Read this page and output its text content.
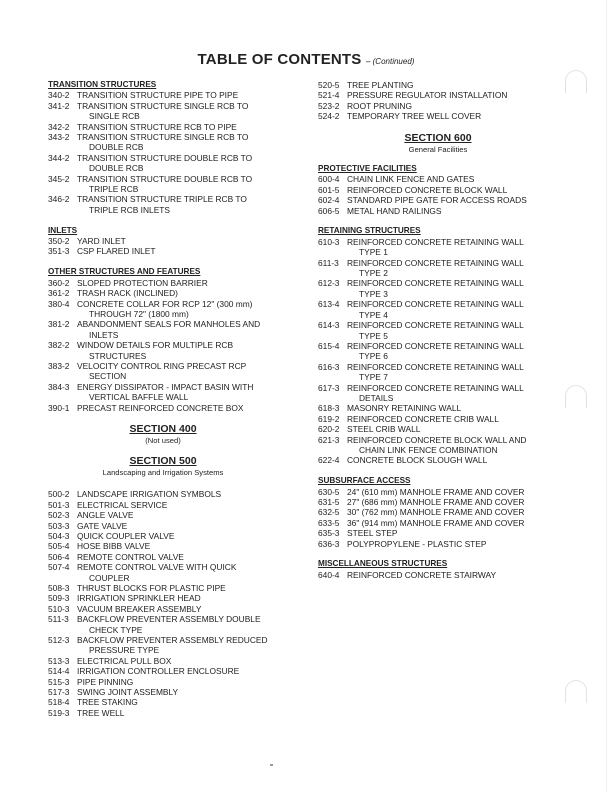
TABLE OF CONTENTS – (Continued)
TRANSITION STRUCTURES
340-2 TRANSITION STRUCTURE PIPE TO PIPE
341-2 TRANSITION STRUCTURE SINGLE RCB TO
SINGLE RCB
342-2 TRANSITION STRUCTURE RCB TO PIPE
343-2 TRANSITION STRUCTURE SINGLE RCB TO
DOUBLE RCB
344-2 TRANSITION STRUCTURE DOUBLE RCB TO
DOUBLE RCB
345-2 TRANSITION STRUCTURE DOUBLE RCB TO
TRIPLE RCB
346-2 TRANSITION STRUCTURE TRIPLE RCB TO
TRIPLE RCB INLETS
INLETS
350-2 YARD INLET
351-3 CSP FLARED INLET
OTHER STRUCTURES AND FEATURES
360-2 SLOPED PROTECTION BARRIER
361-2 TRASH RACK (INCLINED)
380-4 CONCRETE COLLAR FOR RCP 12" (300 mm)
THROUGH 72" (1800 mm)
381-2 ABANDONMENT SEALS FOR MANHOLES AND
INLETS
382-2 WINDOW DETAILS FOR MULTIPLE RCB
STRUCTURES
383-2 VELOCITY CONTROL RING PRECAST RCP
SECTION
384-3 ENERGY DISSIPATOR - IMPACT BASIN WITH
VERTICAL BAFFLE WALL
390-1 PRECAST REINFORCED CONCRETE BOX
SECTION 400
(Not used)
SECTION 500
Landscaping and Irrigation Systems
500-2 LANDSCAPE IRRIGATION SYMBOLS
501-3 ELECTRICAL SERVICE
502-3 ANGLE VALVE
503-3 GATE VALVE
504-3 QUICK COUPLER VALVE
505-4 HOSE BIBB VALVE
506-4 REMOTE CONTROL VALVE
507-4 REMOTE CONTROL VALVE WITH QUICK
COUPLER
508-3 THRUST BLOCKS FOR PLASTIC PIPE
509-3 IRRIGATION SPRINKLER HEAD
510-3 VACUUM BREAKER ASSEMBLY
511-3 BACKFLOW PREVENTER ASSEMBLY DOUBLE
CHECK TYPE
512-3 BACKFLOW PREVENTER ASSEMBLY REDUCED
PRESSURE TYPE
513-3 ELECTRICAL PULL BOX
514-4 IRRIGATION CONTROLLER ENCLOSURE
515-3 PIPE PINNING
517-3 SWING JOINT ASSEMBLY
518-4 TREE STAKING
519-3 TREE WELL
520-5 TREE PLANTING
521-4 PRESSURE REGULATOR INSTALLATION
523-2 ROOT PRUNING
524-2 TEMPORARY TREE WELL COVER
SECTION 600
General Facilities
PROTECTIVE FACILITIES
600-4 CHAIN LINK FENCE AND GATES
601-5 REINFORCED CONCRETE BLOCK WALL
602-4 STANDARD PIPE GATE FOR ACCESS ROADS
606-5 METAL HAND RAILINGS
RETAINING STRUCTURES
610-3 REINFORCED CONCRETE RETAINING WALL
TYPE 1
611-3 REINFORCED CONCRETE RETAINING WALL
TYPE 2
612-3 REINFORCED CONCRETE RETAINING WALL
TYPE 3
613-4 REINFORCED CONCRETE RETAINING WALL
TYPE 4
614-3 REINFORCED CONCRETE RETAINING WALL
TYPE 5
615-4 REINFORCED CONCRETE RETAINING WALL
TYPE 6
616-3 REINFORCED CONCRETE RETAINING WALL
TYPE 7
617-3 REINFORCED CONCRETE RETAINING WALL
DETAILS
618-3 MASONRY RETAINING WALL
619-2 REINFORCED CONCRETE CRIB WALL
620-2 STEEL CRIB WALL
621-3 REINFORCED CONCRETE BLOCK WALL AND
CHAIN LINK FENCE COMBINATION
622-4 CONCRETE BLOCK SLOUGH WALL
SUBSURFACE ACCESS
630-5 24" (610 mm) MANHOLE FRAME AND COVER
631-5 27" (686 mm) MANHOLE FRAME AND COVER
632-5 30" (762 mm) MANHOLE FRAME AND COVER
633-5 36" (914 mm) MANHOLE FRAME AND COVER
635-3 STEEL STEP
636-3 POLYPROPYLENE - PLASTIC STEP
MISCELLANEOUS STRUCTURES
640-4 REINFORCED CONCRETE STAIRWAY
